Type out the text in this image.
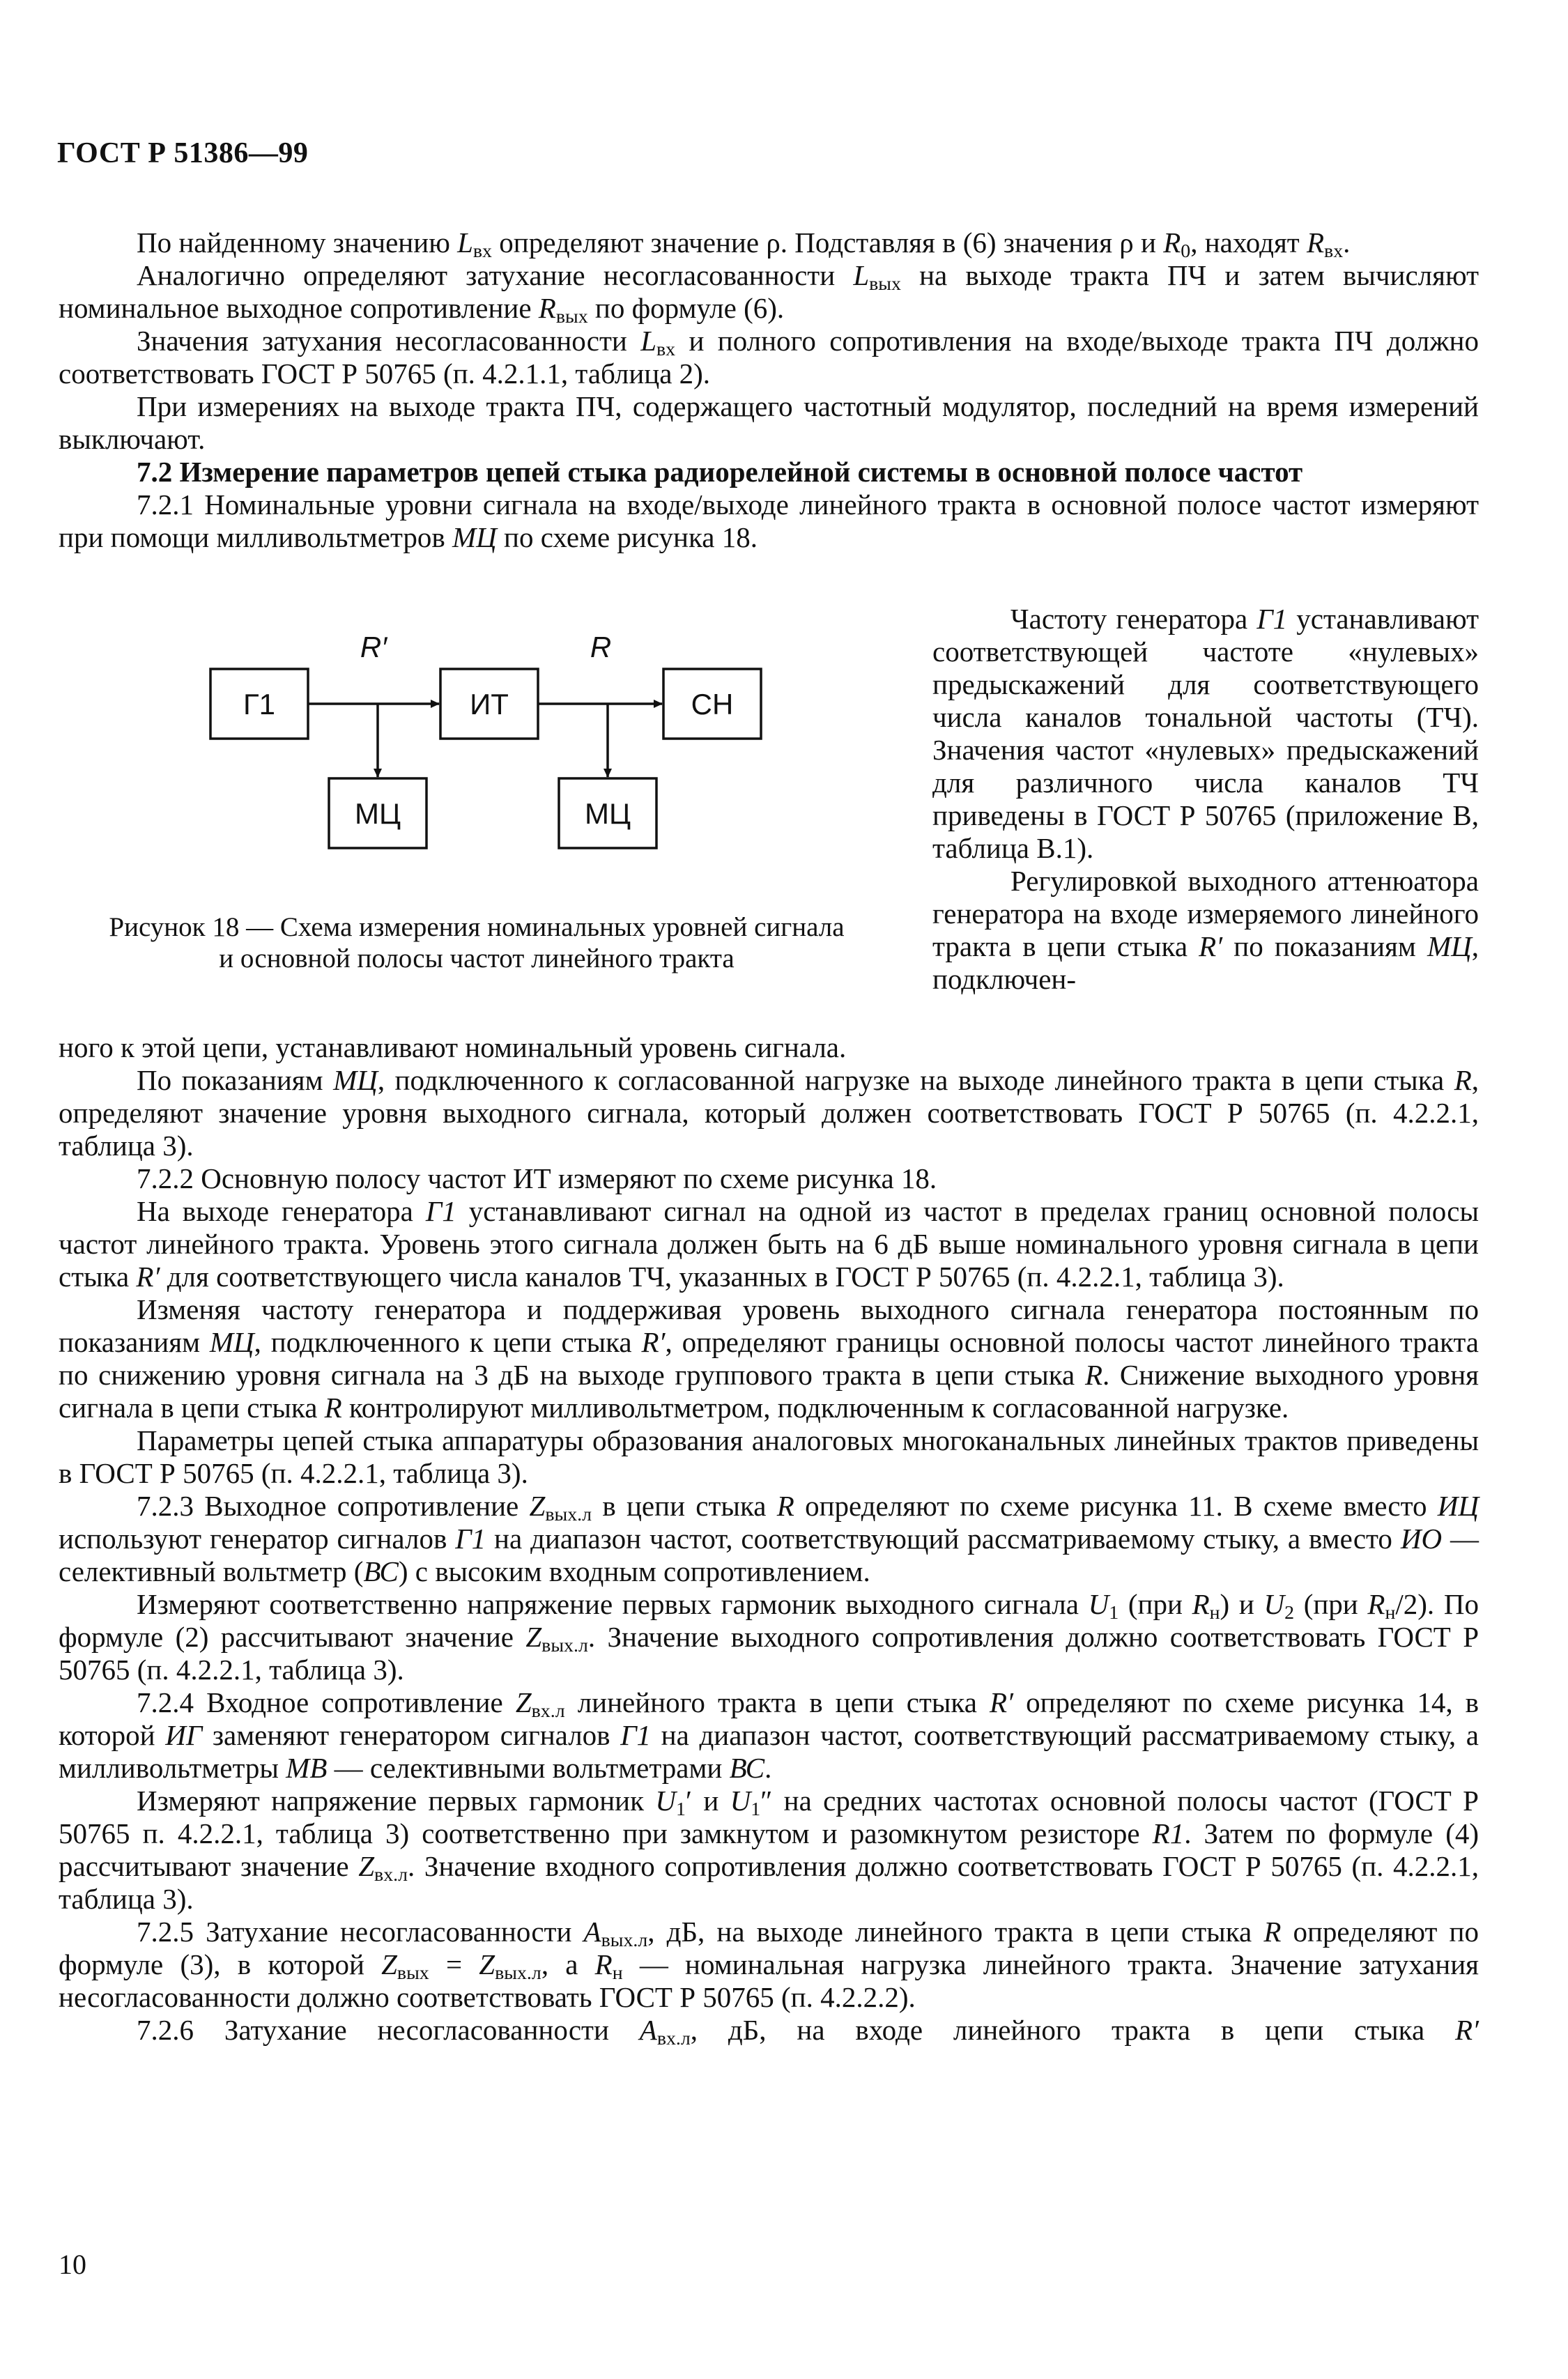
ГОСТ Р 51386—99

По найденному значению $L_{вх}$ определяют значение ρ. Подставляя в (6) значения ρ и $R_0$, находят $R_{вх}$.

Аналогично определяют затухание несогласованности $L_{вых}$ на выходе тракта ПЧ и затем вычисляют номинальное выходное сопротивление $R_{вых}$ по формуле (6).

Значения затухания несогласованности $L_{вх}$ и полного сопротивления на входе/выходе тракта ПЧ должно соответствовать ГОСТ Р 50765 (п. 4.2.1.1, таблица 2).

При измерениях на выходе тракта ПЧ, содержащего частотный модулятор, последний на время измерений выключают.

7.2 Измерение параметров цепей стыка радиорелейной системы в основной полосе частот

7.2.1 Номинальные уровни сигнала на входе/выходе линейного тракта в основной полосе частот измеряют при помощи милливольтметров МЦ по схеме рисунка 18.

Г1	ИТ	СН
МЦ	МЦ
R′	R
Рисунок 18 — Схема измерения номинальных уровней сигнала
и основной полосы частот линейного тракта

Частоту генератора Г1 устанавливают соответствующей частоте «нулевых» предыскажений для соответствующего числа каналов тональной частоты (ТЧ). Значения частот «нулевых» предыскажений для различного числа каналов ТЧ приведены в ГОСТ Р 50765 (приложение В, таблица В.1).

Регулировкой выходного аттенюатора генератора на входе измеряемого линейного тракта в цепи стыка R′ по показаниям МЦ, подключен-

ного к этой цепи, устанавливают номинальный уровень сигнала.

По показаниям МЦ, подключенного к согласованной нагрузке на выходе линейного тракта в цепи стыка R, определяют значение уровня выходного сигнала, который должен соответствовать ГОСТ Р 50765 (п. 4.2.2.1, таблица 3).

7.2.2 Основную полосу частот ИТ измеряют по схеме рисунка 18.

На выходе генератора Г1 устанавливают сигнал на одной из частот в пределах границ основной полосы частот линейного тракта. Уровень этого сигнала должен быть на 6 дБ выше номинального уровня сигнала в цепи стыка R′ для соответствующего числа каналов ТЧ, указанных в ГОСТ Р 50765 (п. 4.2.2.1, таблица 3).

Изменяя частоту генератора и поддерживая уровень выходного сигнала генератора постоянным по показаниям МЦ, подключенного к цепи стыка R′, определяют границы основной полосы частот линейного тракта по снижению уровня сигнала на 3 дБ на выходе группового тракта в цепи стыка R. Снижение выходного уровня сигнала в цепи стыка R контролируют милливольтметром, подключенным к согласованной нагрузке.

Параметры цепей стыка аппаратуры образования аналоговых многоканальных линейных трактов приведены в ГОСТ Р 50765 (п. 4.2.2.1, таблица 3).

7.2.3 Выходное сопротивление $Z_{вых.л}$ в цепи стыка R определяют по схеме рисунка 11. В схеме вместо ИЦ используют генератор сигналов Г1 на диапазон частот, соответствующий рассматриваемому стыку, а вместо ИО — селективный вольтметр (ВС) с высоким входным сопротивлением.

Измеряют соответственно напряжение первых гармоник выходного сигнала $U_1$ (при $R_н$) и $U_2$ (при $R_н/2$). По формуле (2) рассчитывают значение $Z_{вых.л}$. Значение выходного сопротивления должно соответствовать ГОСТ Р 50765 (п. 4.2.2.1, таблица 3).

7.2.4 Входное сопротивление $Z_{вх.л}$ линейного тракта в цепи стыка R′ определяют по схеме рисунка 14, в которой ИГ заменяют генератором сигналов Г1 на диапазон частот, соответствующий рассматриваемому стыку, а милливольтметры МВ — селективными вольтметрами ВС.

Измеряют напряжение первых гармоник $U_1'$ и $U_1''$ на средних частотах основной полосы частот (ГОСТ Р 50765 п. 4.2.2.1, таблица 3) соответственно при замкнутом и разомкнутом резисторе R1. Затем по формуле (4) рассчитывают значение $Z_{вх.л}$. Значение входного сопротивления должно соответствовать ГОСТ Р 50765 (п. 4.2.2.1, таблица 3).

7.2.5 Затухание несогласованности $A_{вых.л}$, дБ, на выходе линейного тракта в цепи стыка R определяют по формуле (3), в которой $Z_{вых} = Z_{вых.л}$, а $R_н$ — номинальная нагрузка линейного тракта. Значение затухания несогласованности должно соответствовать ГОСТ Р 50765 (п. 4.2.2.2).

7.2.6 Затухание несогласованности $A_{вх.л}$, дБ, на входе линейного тракта в цепи стыка R′

10
